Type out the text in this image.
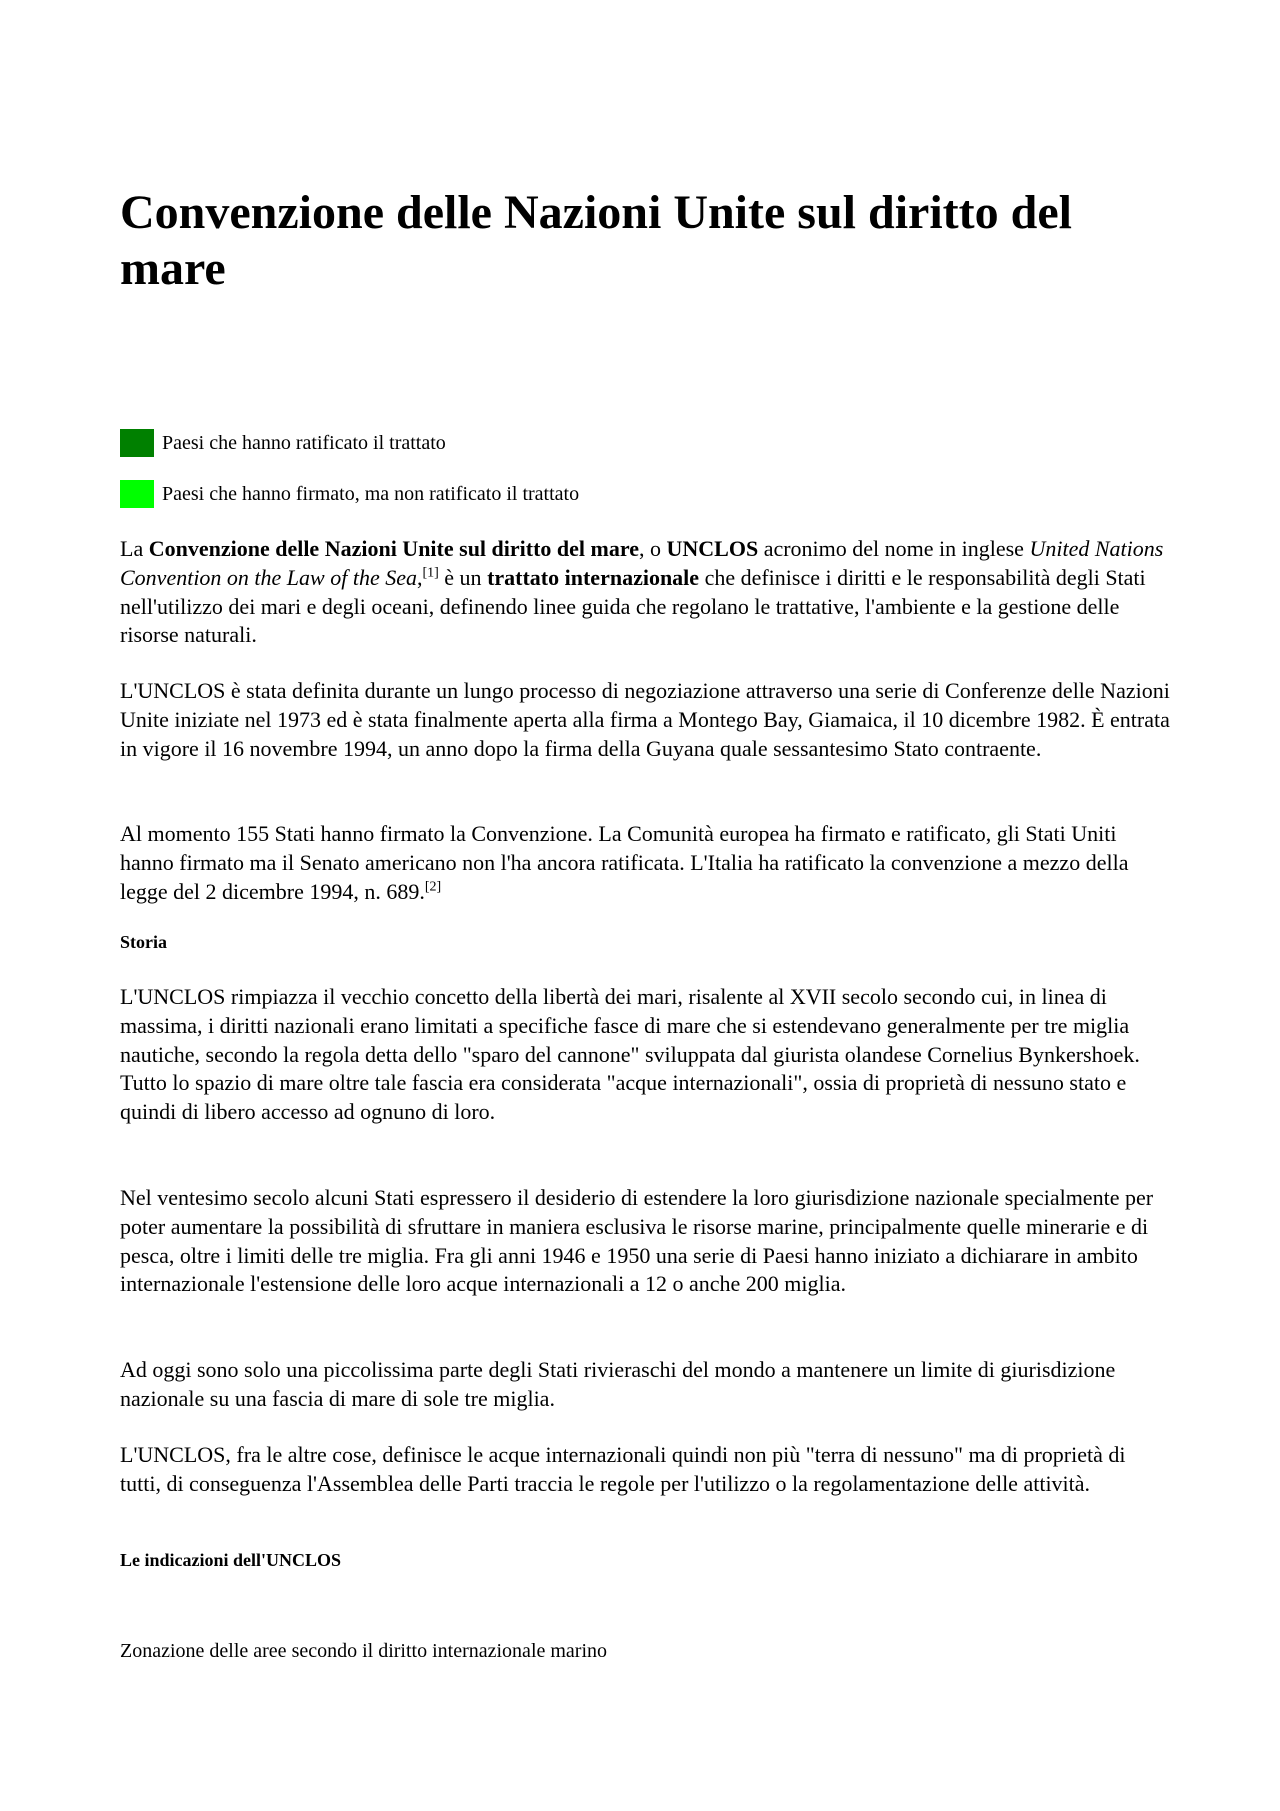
Convenzione delle Nazioni Unite sul diritto del mare
Paesi che hanno ratificato il trattato
Paesi che hanno firmato, ma non ratificato il trattato

La Convenzione delle Nazioni Unite sul diritto del mare, o UNCLOS acronimo del nome in inglese United Nations Convention on the Law of the Sea,[1] è un trattato internazionale che definisce i diritti e le responsabilità degli Stati nell'utilizzo dei mari e degli oceani, definendo linee guida che regolano le trattative, l'ambiente e la gestione delle risorse naturali.

L'UNCLOS è stata definita durante un lungo processo di negoziazione attraverso una serie di Conferenze delle Nazioni Unite iniziate nel 1973 ed è stata finalmente aperta alla firma a Montego Bay, Giamaica, il 10 dicembre 1982. È entrata in vigore il 16 novembre 1994, un anno dopo la firma della Guyana quale sessantesimo Stato contraente.

Al momento 155 Stati hanno firmato la Convenzione. La Comunità europea ha firmato e ratificato, gli Stati Uniti hanno firmato ma il Senato americano non l'ha ancora ratificata. L'Italia ha ratificato la convenzione a mezzo della legge del 2 dicembre 1994, n. 689.[2]

Storia

L'UNCLOS rimpiazza il vecchio concetto della libertà dei mari, risalente al XVII secolo secondo cui, in linea di massima, i diritti nazionali erano limitati a specifiche fasce di mare che si estendevano generalmente per tre miglia nautiche, secondo la regola detta dello "sparo del cannone" sviluppata dal giurista olandese Cornelius Bynkershoek. Tutto lo spazio di mare oltre tale fascia era considerata "acque internazionali", ossia di proprietà di nessuno stato e quindi di libero accesso ad ognuno di loro.

Nel ventesimo secolo alcuni Stati espressero il desiderio di estendere la loro giurisdizione nazionale specialmente per poter aumentare la possibilità di sfruttare in maniera esclusiva le risorse marine, principalmente quelle minerarie e di pesca, oltre i limiti delle tre miglia. Fra gli anni 1946 e 1950 una serie di Paesi hanno iniziato a dichiarare in ambito internazionale l'estensione delle loro acque internazionali a 12 o anche 200 miglia.

Ad oggi sono solo una piccolissima parte degli Stati rivieraschi del mondo a mantenere un limite di giurisdizione nazionale su una fascia di mare di sole tre miglia.

L'UNCLOS, fra le altre cose, definisce le acque internazionali quindi non più "terra di nessuno" ma di proprietà di tutti, di conseguenza l'Assemblea delle Parti traccia le regole per l'utilizzo o la regolamentazione delle attività.

Le indicazioni dell'UNCLOS
Zonazione delle aree secondo il diritto internazionale marino
